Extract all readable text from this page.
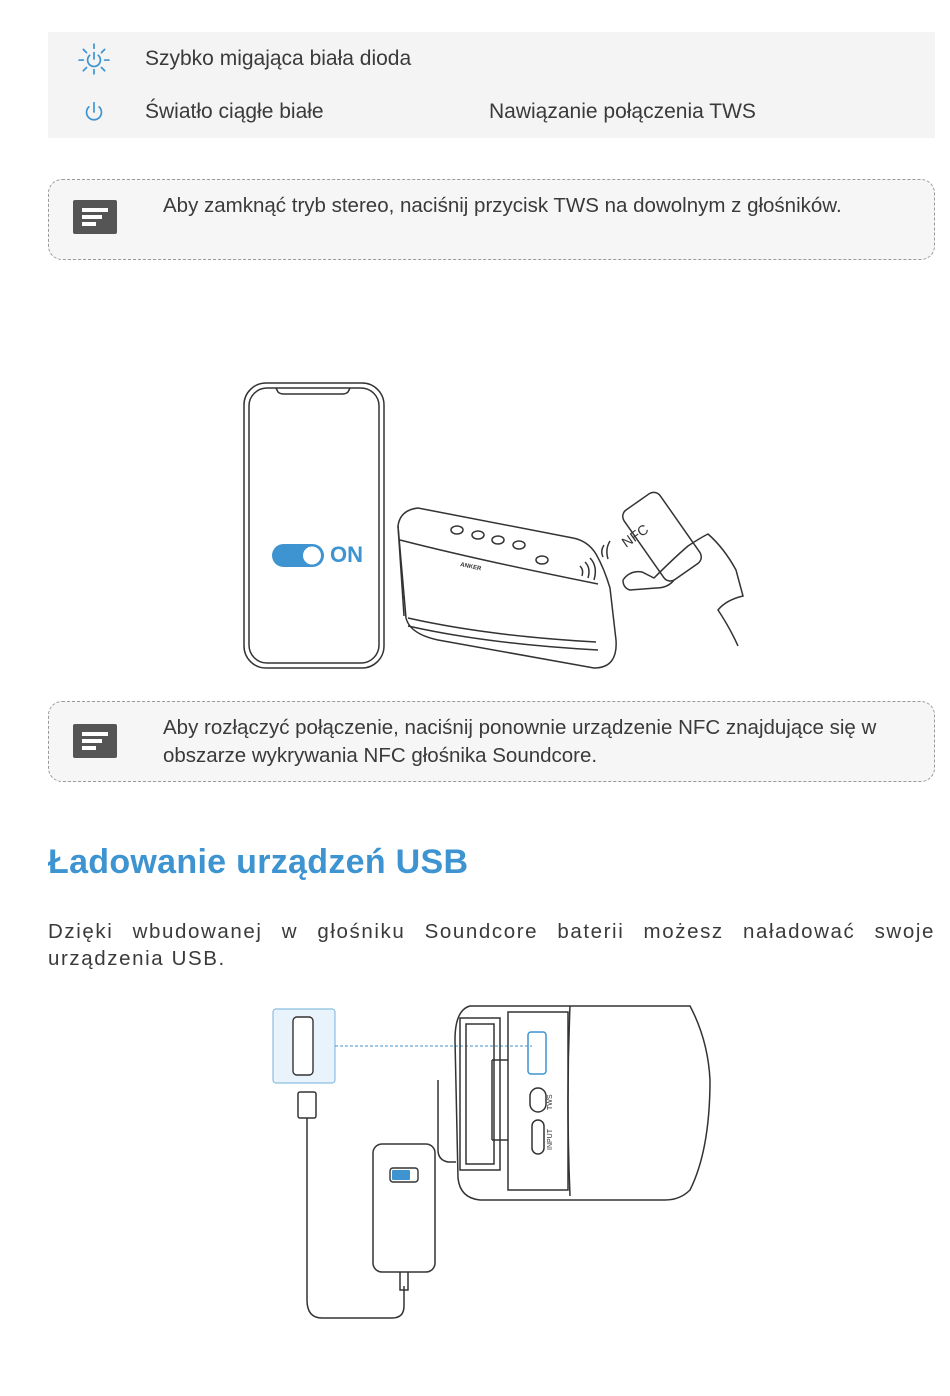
Szybko migająca biała dioda
Światło ciągłe białe	Nawiązanie połączenia TWS
Aby zamknąć tryb stereo, naciśnij przycisk TWS na dowolnym z głośników.
ON
ANKER
NFC
Aby rozłączyć połączenie, naciśnij ponownie urządzenie NFC znajdujące się w obszarze wykrywania NFC głośnika Soundcore.
Ładowanie urządzeń USB
Dzięki wbudowanej w głośniku Soundcore baterii możesz naładować swoje urządzenia USB.
TWS
INPUT
